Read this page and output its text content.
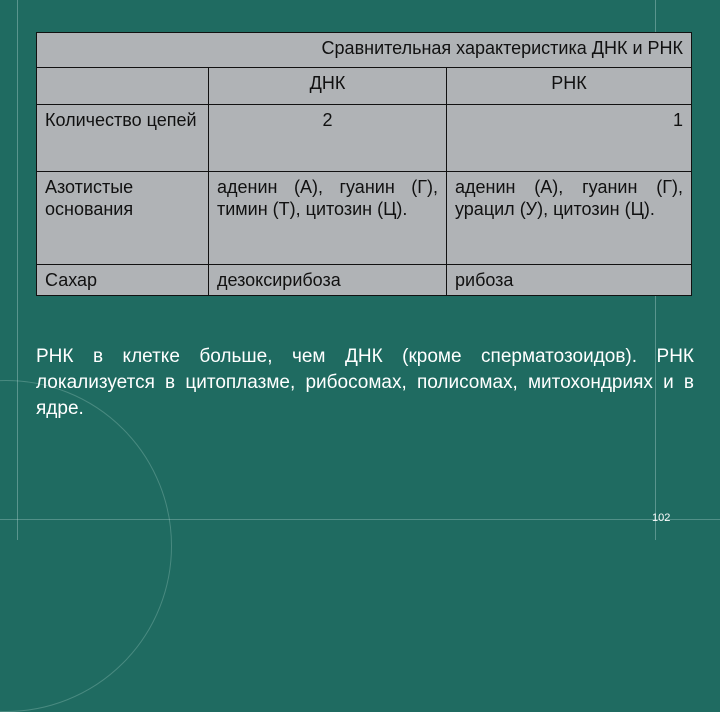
Сравнительная характеристика ДНК и РНК		
	ДНК	РНК
Количество цепей	2	1
Азотистые основания	аденин (А), гуанин (Г), тимин (Т), цитозин (Ц).	аденин (А), гуанин (Г), урацил (У), цитозин (Ц).
Сахар	дезоксирибоза	рибоза

РНК в клетке больше, чем ДНК (кроме сперматозоидов). РНК локализуется в цитоплазме, рибосомах, полисомах, митохондриях и в ядре.

102
